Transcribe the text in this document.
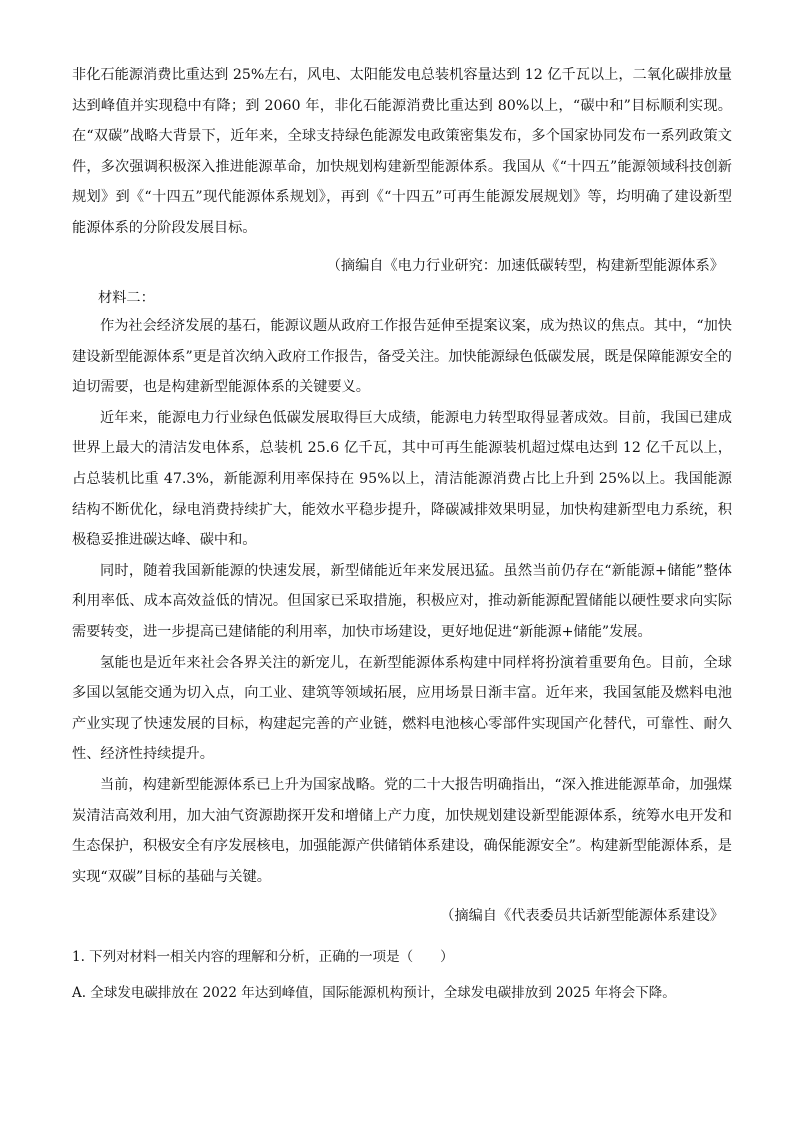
非化石能源消费比重达到 25%左右，风电、太阳能发电总装机容量达到 12 亿千瓦以上，二氧化碳排放量达到峰值并实现稳中有降；到 2060 年，非化石能源消费比重达到 80%以上，“碳中和”目标顺利实现。在“双碳”战略大背景下，近年来，全球支持绿色能源发电政策密集发布，多个国家协同发布一系列政策文件，多次强调积极深入推进能源革命，加快规划构建新型能源体系。我国从《“十四五”能源领域科技创新规划》到《“十四五”现代能源体系规划》，再到《“十四五”可再生能源发展规划》等，均明确了建设新型能源体系的分阶段发展目标。

（摘编自《电力行业研究：加速低碳转型，构建新型能源体系》

材料二：

作为社会经济发展的基石，能源议题从政府工作报告延伸至提案议案，成为热议的焦点。其中，“加快建设新型能源体系”更是首次纳入政府工作报告，备受关注。加快能源绿色低碳发展，既是保障能源安全的迫切需要，也是构建新型能源体系的关键要义。

近年来，能源电力行业绿色低碳发展取得巨大成绩，能源电力转型取得显著成效。目前，我国已建成世界上最大的清洁发电体系，总装机 25.6 亿千瓦，其中可再生能源装机超过煤电达到 12 亿千瓦以上，占总装机比重 47.3%，新能源利用率保持在 95%以上，清洁能源消费占比上升到 25%以上。我国能源结构不断优化，绿电消费持续扩大，能效水平稳步提升，降碳减排效果明显，加快构建新型电力系统，积极稳妥推进碳达峰、碳中和。

同时，随着我国新能源的快速发展，新型储能近年来发展迅猛。虽然当前仍存在“新能源+储能”整体利用率低、成本高效益低的情况。但国家已采取措施，积极应对，推动新能源配置储能以硬性要求向实际需要转变，进一步提高已建储能的利用率，加快市场建设，更好地促进“新能源+储能”发展。

氢能也是近年来社会各界关注的新宠儿，在新型能源体系构建中同样将扮演着重要角色。目前，全球多国以氢能交通为切入点，向工业、建筑等领域拓展，应用场景日渐丰富。近年来，我国氢能及燃料电池产业实现了快速发展的目标，构建起完善的产业链，燃料电池核心零部件实现国产化替代，可靠性、耐久性、经济性持续提升。

当前，构建新型能源体系已上升为国家战略。党的二十大报告明确指出，“深入推进能源革命，加强煤炭清洁高效利用，加大油气资源勘探开发和增储上产力度，加快规划建设新型能源体系，统筹水电开发和生态保护，积极安全有序发展核电，加强能源产供储销体系建设，确保能源安全”。构建新型能源体系，是实现“双碳”目标的基础与关键。

（摘编自《代表委员共话新型能源体系建设》

1. 下列对材料一相关内容的理解和分析，正确的一项是（　　）

A. 全球发电碳排放在 2022 年达到峰值，国际能源机构预计，全球发电碳排放到 2025 年将会下降。
